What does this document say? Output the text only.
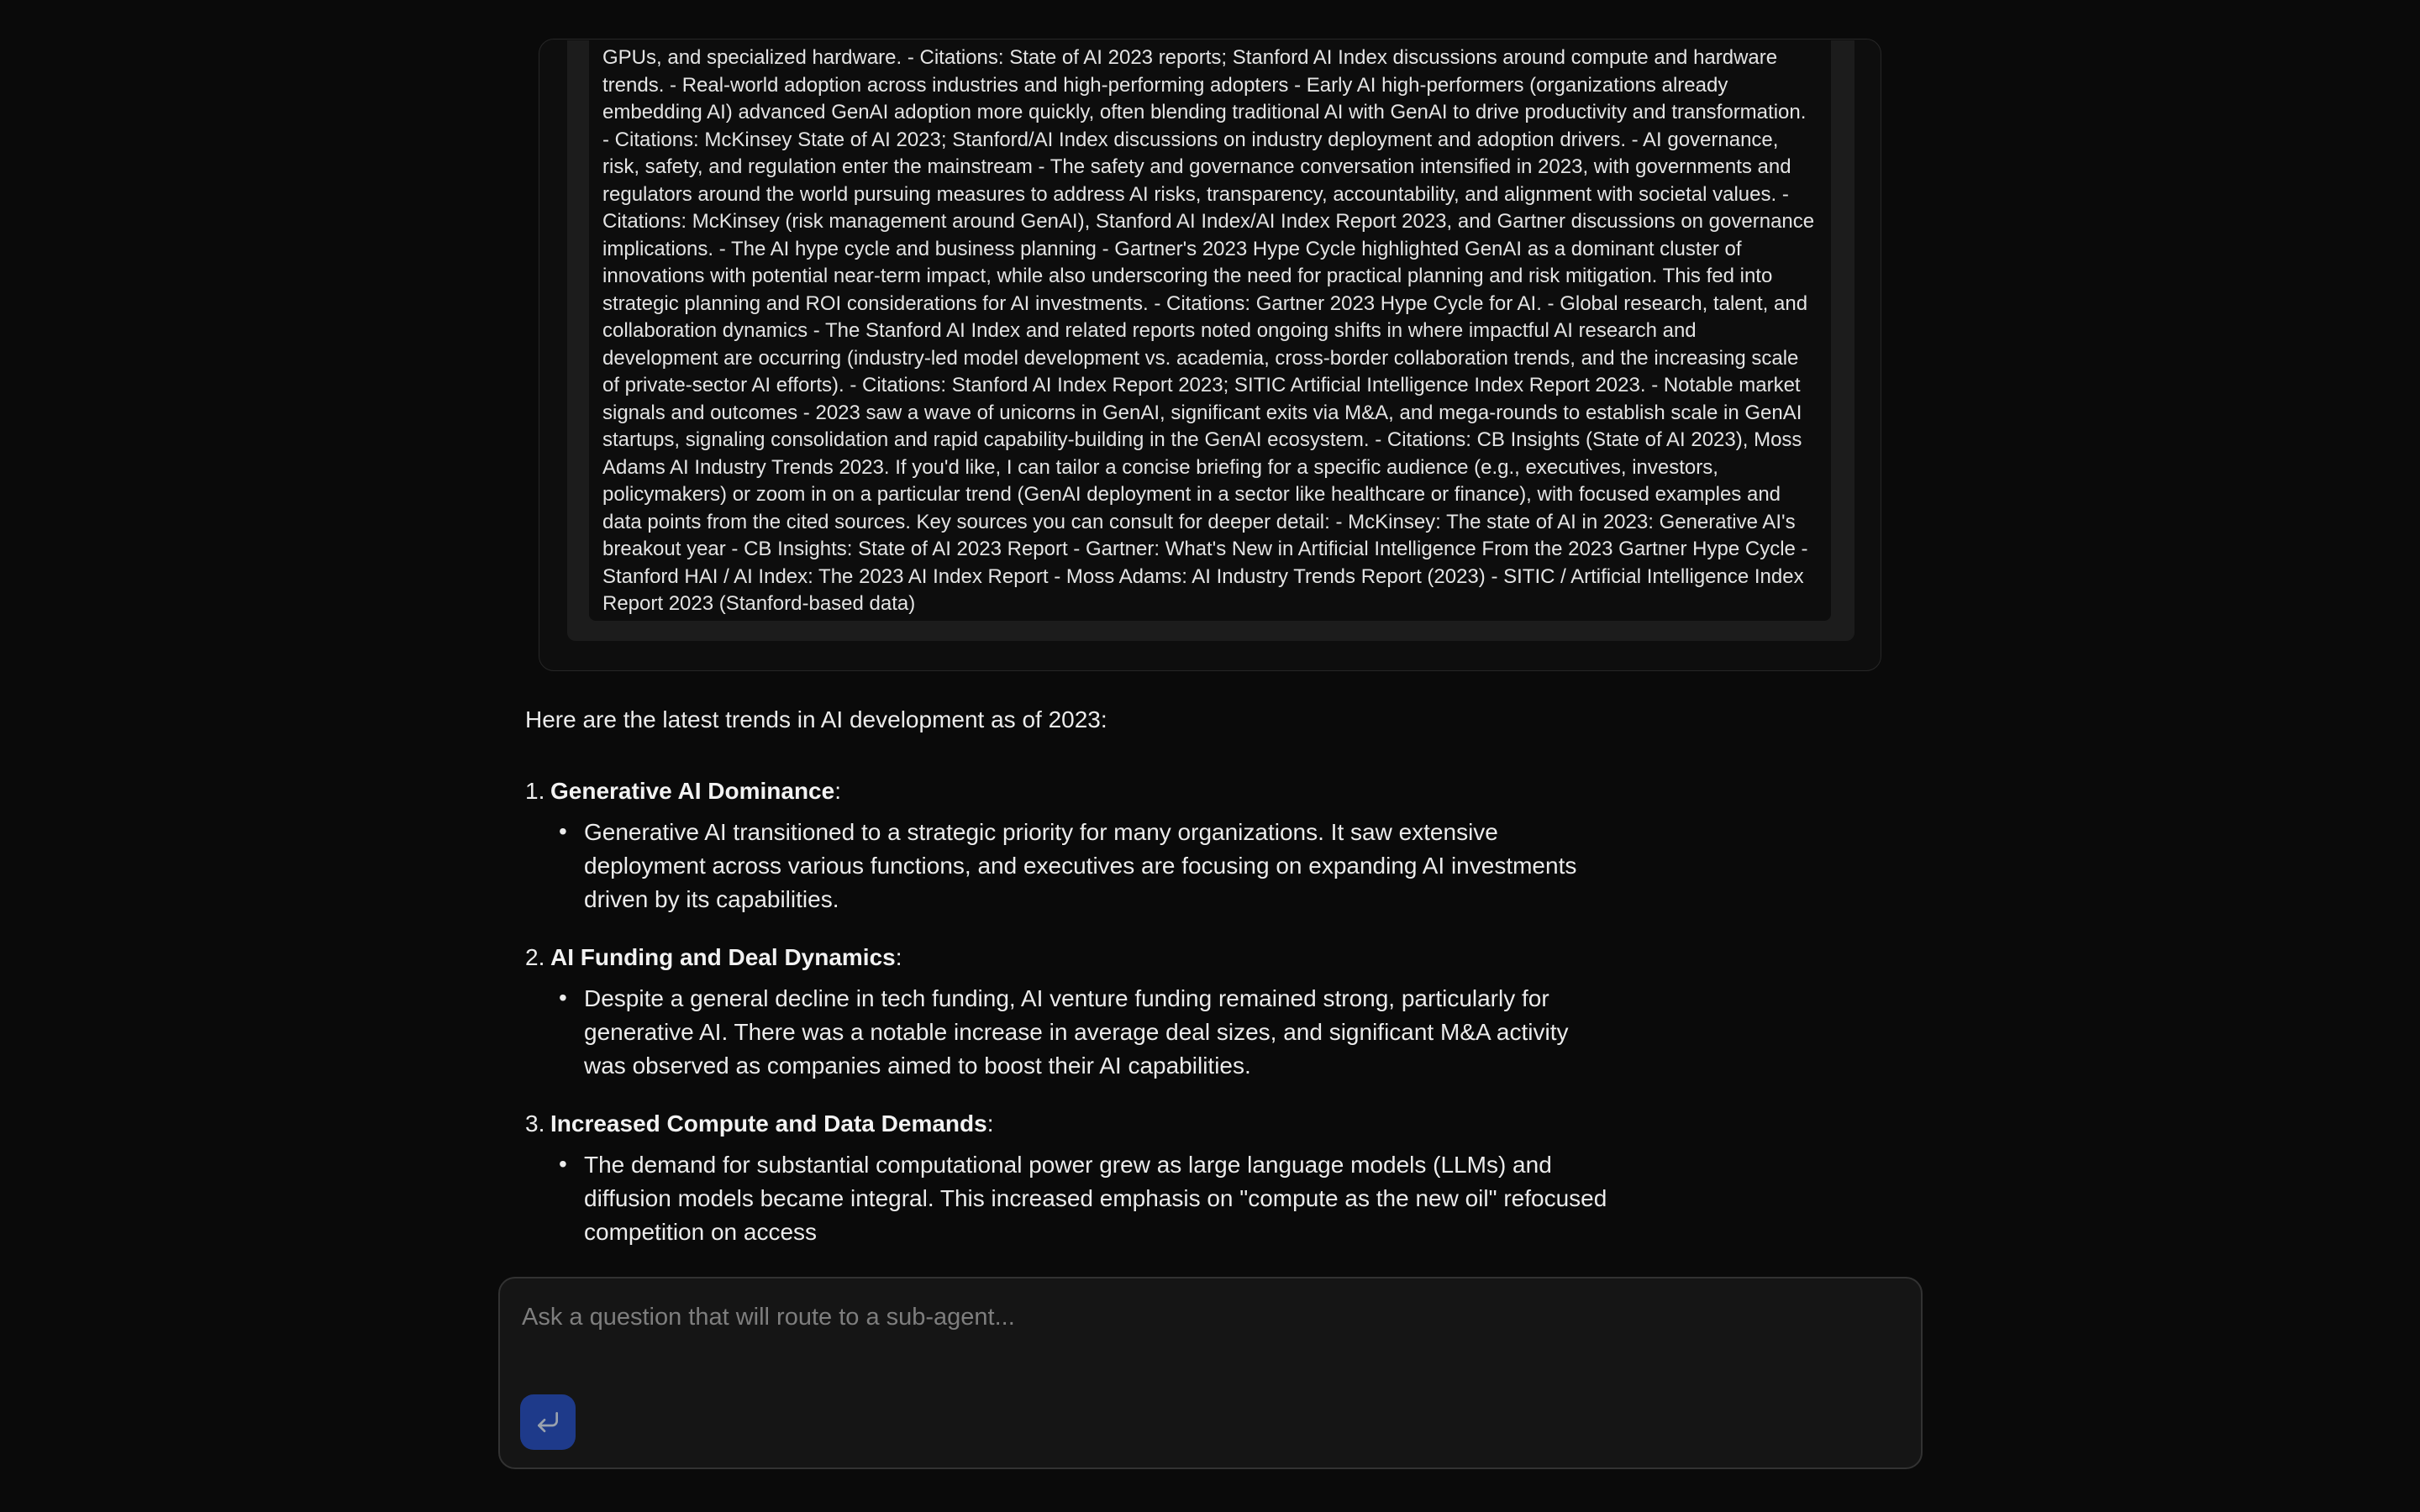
GPUs, and specialized hardware. - Citations: State of AI 2023 reports; Stanford AI Index discussions around compute and hardware trends. - Real-world adoption across industries and high-performing adopters - Early AI high-performers (organizations already embedding AI) advanced GenAI adoption more quickly, often blending traditional AI with GenAI to drive productivity and transformation. - Citations: McKinsey State of AI 2023; Stanford/AI Index discussions on industry deployment and adoption drivers. - AI governance, risk, safety, and regulation enter the mainstream - The safety and governance conversation intensified in 2023, with governments and regulators around the world pursuing measures to address AI risks, transparency, accountability, and alignment with societal values. - Citations: McKinsey (risk management around GenAI), Stanford AI Index/AI Index Report 2023, and Gartner discussions on governance implications. - The AI hype cycle and business planning - Gartner's 2023 Hype Cycle highlighted GenAI as a dominant cluster of innovations with potential near-term impact, while also underscoring the need for practical planning and risk mitigation. This fed into strategic planning and ROI considerations for AI investments. - Citations: Gartner 2023 Hype Cycle for AI. - Global research, talent, and collaboration dynamics - The Stanford AI Index and related reports noted ongoing shifts in where impactful AI research and development are occurring (industry-led model development vs. academia, cross-border collaboration trends, and the increasing scale of private-sector AI efforts). - Citations: Stanford AI Index Report 2023; SITIC Artificial Intelligence Index Report 2023. - Notable market signals and outcomes - 2023 saw a wave of unicorns in GenAI, significant exits via M&A, and mega-rounds to establish scale in GenAI startups, signaling consolidation and rapid capability-building in the GenAI ecosystem. - Citations: CB Insights (State of AI 2023), Moss Adams AI Industry Trends 2023. If you'd like, I can tailor a concise briefing for a specific audience (e.g., executives, investors, policymakers) or zoom in on a particular trend (GenAI deployment in a sector like healthcare or finance), with focused examples and data points from the cited sources. Key sources you can consult for deeper detail: - McKinsey: The state of AI in 2023: Generative AI's breakout year - CB Insights: State of AI 2023 Report - Gartner: What's New in Artificial Intelligence From the 2023 Gartner Hype Cycle - Stanford HAI / AI Index: The 2023 AI Index Report - Moss Adams: AI Industry Trends Report (2023) - SITIC / Artificial Intelligence Index Report 2023 (Stanford-based data)
Here are the latest trends in AI development as of 2023:
1. Generative AI Dominance:
• Generative AI transitioned to a strategic priority for many organizations. It saw extensive deployment across various functions, and executives are focusing on expanding AI investments driven by its capabilities.
2. AI Funding and Deal Dynamics:
• Despite a general decline in tech funding, AI venture funding remained strong, particularly for generative AI. There was a notable increase in average deal sizes, and significant M&A activity was observed as companies aimed to boost their AI capabilities.
3. Increased Compute and Data Demands:
• The demand for substantial computational power grew as large language models (LLMs) and diffusion models became integral. This increased emphasis on "compute as the new oil" refocused competition on access
Ask a question that will route to a sub-agent...
